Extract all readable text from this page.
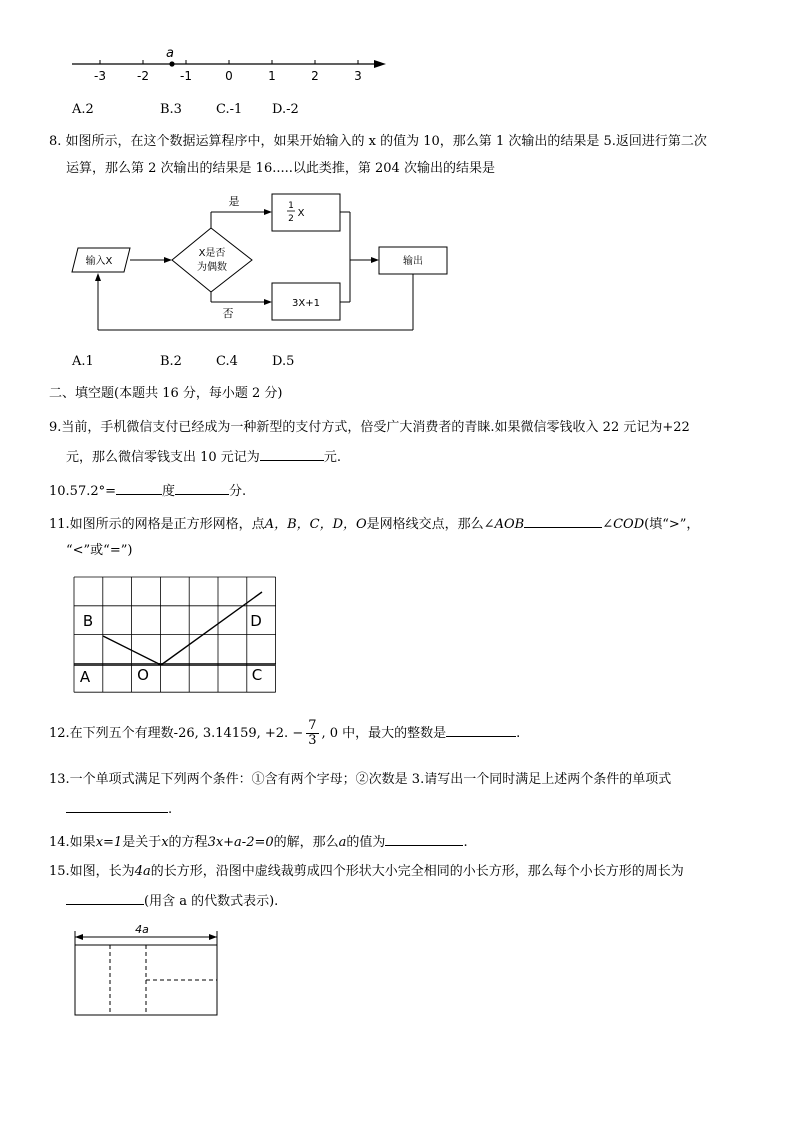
-3	-2	-1	0	1	2	3
a
A.2	B.3	C.-1 D.-2
8. 如图所示，在这个数据运算程序中，如果开始输入的 x 的值为 10，那么第 1 次输出的结果是 5.返回进行第二次
运算，那么第 2 次输出的结果是 16.....以此类推，第 204 次输出的结果是
输入X
X是否
为偶数
是	1
2 X
否
3X+1
输出
A.1	B.2	C.4	D.5
二、填空题(本题共 16 分，每小题 2 分)
9.当前，手机微信支付已经成为一种新型的支付方式，倍受广大消费者的青睐.如果微信零钱收入 22 元记为+22
元，那么微信零钱支出 10 元记为	元.
10.57.2°=	度	分.
11.如图所示的网格是正方形网格，点A，B，C，D，O是网格线交点，那么∠AOB	∠COD(填“>”，
“<”或“=”)
B	D
A	O	C
12.在下列五个有理数-26, 3.14159, +2. − $\frac{7}{3}$ , 0 中，最大的整数是	.
13.一个单项式满足下列两个条件：①含有两个字母；②次数是 3.请写出一个同时满足上述两个条件的单项式
.
14.如果x=1是关于x的方程3x+a-2=0的解，那么a的值为	.
15.如图，长为4a的长方形，沿图中虚线裁剪成四个形状大小完全相同的小长方形，那么每个小长方形的周长为
(用含 a 的代数式表示).
4a
